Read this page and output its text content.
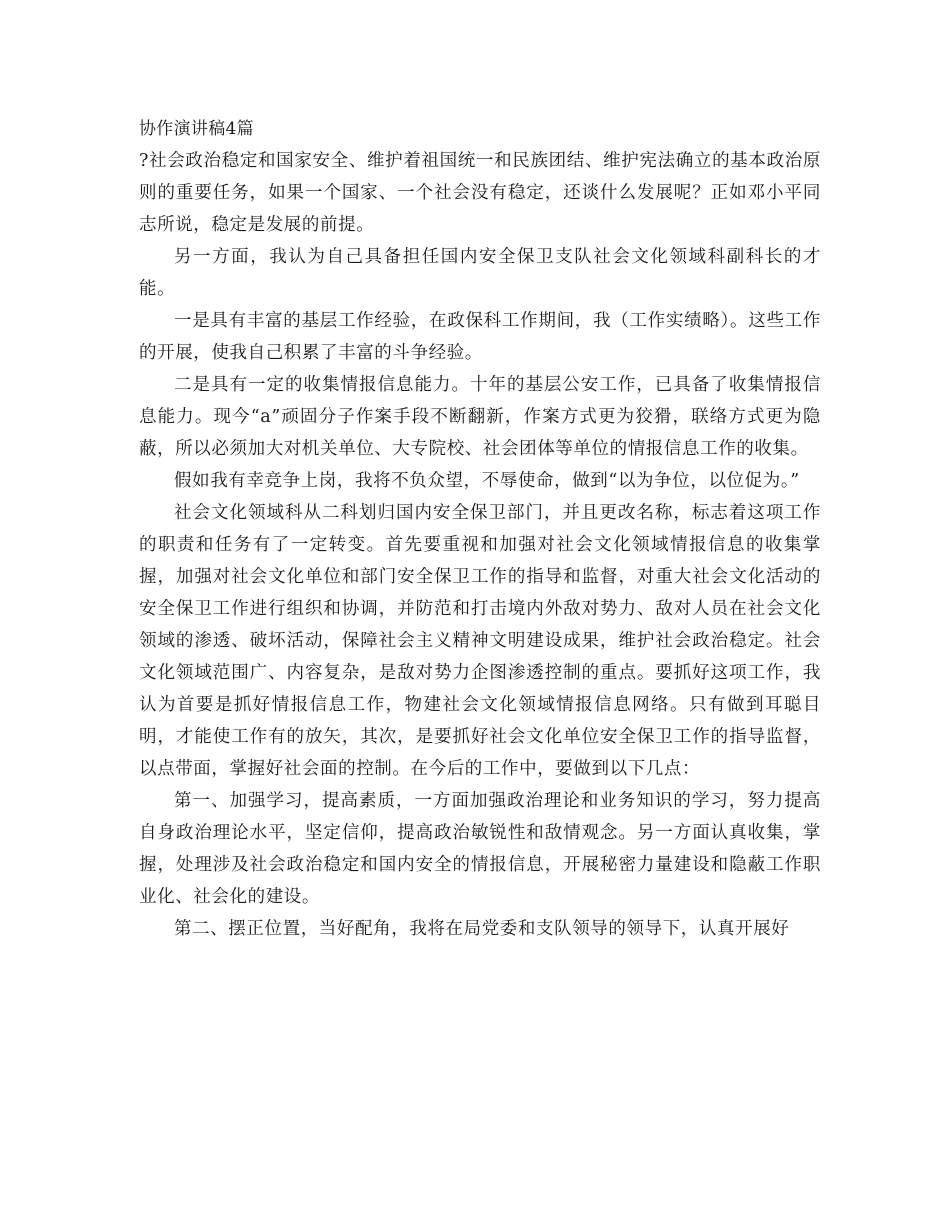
协作演讲稿4篇

?社会政治稳定和国家安全、维护着祖国统一和民族团结、维护宪法确立的基本政治原则的重要任务，如果一个国家、一个社会没有稳定，还谈什么发展呢？正如邓小平同志所说，稳定是发展的前提。

另一方面，我认为自己具备担任国内安全保卫支队社会文化领域科副科长的才能。

一是具有丰富的基层工作经验，在政保科工作期间，我（工作实绩略）。这些工作的开展，使我自己积累了丰富的斗争经验。

二是具有一定的收集情报信息能力。十年的基层公安工作，已具备了收集情报信息能力。现今“a”顽固分子作案手段不断翻新，作案方式更为狡猾，联络方式更为隐蔽，所以必须加大对机关单位、大专院校、社会团体等单位的情报信息工作的收集。

假如我有幸竞争上岗，我将不负众望，不辱使命，做到“以为争位，以位促为。”

社会文化领域科从二科划归国内安全保卫部门，并且更改名称，标志着这项工作的职责和任务有了一定转变。首先要重视和加强对社会文化领域情报信息的收集掌握，加强对社会文化单位和部门安全保卫工作的指导和监督，对重大社会文化活动的安全保卫工作进行组织和协调，并防范和打击境内外敌对势力、敌对人员在社会文化领域的渗透、破坏活动，保障社会主义精神文明建设成果，维护社会政治稳定。社会文化领域范围广、内容复杂，是敌对势力企图渗透控制的重点。要抓好这项工作，我认为首要是抓好情报信息工作，物建社会文化领域情报信息网络。只有做到耳聪目明，才能使工作有的放矢，其次，是要抓好社会文化单位安全保卫工作的指导监督，以点带面，掌握好社会面的控制。在今后的工作中，要做到以下几点：

第一、加强学习，提高素质，一方面加强政治理论和业务知识的学习，努力提高自身政治理论水平，坚定信仰，提高政治敏锐性和敌情观念。另一方面认真收集，掌握，处理涉及社会政治稳定和国内安全的情报信息，开展秘密力量建设和隐蔽工作职业化、社会化的建设。

第二、摆正位置，当好配角，我将在局党委和支队领导的领导下，认真开展好
